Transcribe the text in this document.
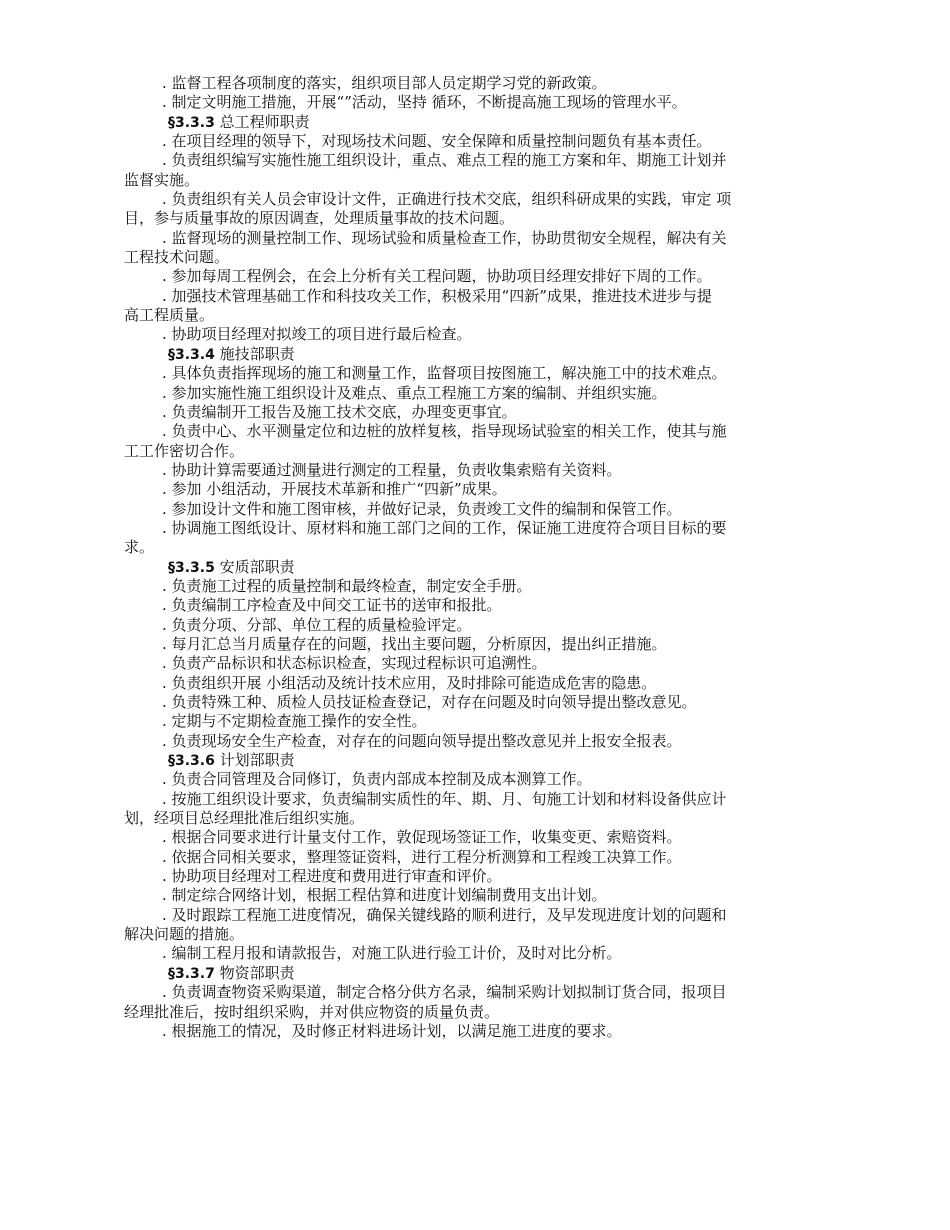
. 监督工程各项制度的落实，组织项目部人员定期学习党的新政策。
. 制定文明施工措施，开展“”活动，坚持 循环，不断提高施工现场的管理水平。
§3.3.3 总工程师职责
. 在项目经理的领导下，对现场技术问题、安全保障和质量控制问题负有基本责任。
. 负责组织编写实施性施工组织设计，重点、难点工程的施工方案和年、期施工计划并
监督实施。
. 负责组织有关人员会审设计文件，正确进行技术交底，组织科研成果的实践，审定 项
目，参与质量事故的原因调查，处理质量事故的技术问题。
. 监督现场的测量控制工作、现场试验和质量检查工作，协助贯彻安全规程，解决有关
工程技术问题。
. 参加每周工程例会，在会上分析有关工程问题，协助项目经理安排好下周的工作。
. 加强技术管理基础工作和科技攻关工作，积极采用“四新”成果，推进技术进步与提
高工程质量。
. 协助项目经理对拟竣工的项目进行最后检查。
§3.3.4 施技部职责
. 具体负责指挥现场的施工和测量工作，监督项目按图施工，解决施工中的技术难点。
. 参加实施性施工组织设计及难点、重点工程施工方案的编制、并组织实施。
. 负责编制开工报告及施工技术交底，办理变更事宜。
. 负责中心、水平测量定位和边桩的放样复核，指导现场试验室的相关工作，使其与施
工工作密切合作。
. 协助计算需要通过测量进行测定的工程量，负责收集索赔有关资料。
. 参加 小组活动，开展技术革新和推广“四新”成果。
. 参加设计文件和施工图审核，并做好记录，负责竣工文件的编制和保管工作。
. 协调施工图纸设计、原材料和施工部门之间的工作，保证施工进度符合项目目标的要
求。
§3.3.5 安质部职责
. 负责施工过程的质量控制和最终检查，制定安全手册。
. 负责编制工序检查及中间交工证书的送审和报批。
. 负责分项、分部、单位工程的质量检验评定。
. 每月汇总当月质量存在的问题，找出主要问题，分析原因，提出纠正措施。
. 负责产品标识和状态标识检查，实现过程标识可追溯性。
. 负责组织开展 小组活动及统计技术应用，及时排除可能造成危害的隐患。
. 负责特殊工种、质检人员技证检查登记，对存在问题及时向领导提出整改意见。
. 定期与不定期检查施工操作的安全性。
. 负责现场安全生产检查，对存在的问题向领导提出整改意见并上报安全报表。
§3.3.6 计划部职责
. 负责合同管理及合同修订，负责内部成本控制及成本测算工作。
. 按施工组织设计要求，负责编制实质性的年、期、月、旬施工计划和材料设备供应计
划，经项目总经理批准后组织实施。
. 根据合同要求进行计量支付工作，敦促现场签证工作，收集变更、索赔资料。
. 依据合同相关要求，整理签证资料，进行工程分析测算和工程竣工决算工作。
. 协助项目经理对工程进度和费用进行审查和评价。
. 制定综合网络计划，根据工程估算和进度计划编制费用支出计划。
. 及时跟踪工程施工进度情况，确保关键线路的顺利进行，及早发现进度计划的问题和
解决问题的措施。
. 编制工程月报和请款报告，对施工队进行验工计价，及时对比分析。
§3.3.7 物资部职责
. 负责调查物资采购渠道，制定合格分供方名录，编制采购计划拟制订货合同，报项目
经理批准后，按时组织采购，并对供应物资的质量负责。
. 根据施工的情况，及时修正材料进场计划，以满足施工进度的要求。
